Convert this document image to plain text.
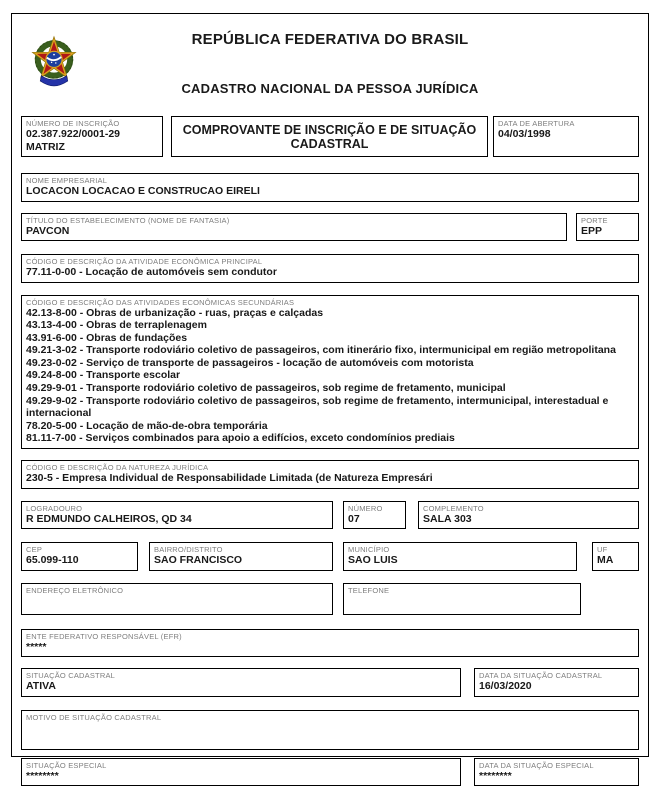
REPÚBLICA FEDERATIVA DO BRASIL
CADASTRO NACIONAL DA PESSOA JURÍDICA
NÚMERO DE INSCRIÇÃO
02.387.922/0001-29
MATRIZ
COMPROVANTE DE INSCRIÇÃO E DE SITUAÇÃO CADASTRAL
DATA DE ABERTURA
04/03/1998
NOME EMPRESARIAL
LOCACON LOCACAO E CONSTRUCAO EIRELI
TÍTULO DO ESTABELECIMENTO (NOME DE FANTASIA)
PAVCON
PORTE
EPP
CÓDIGO E DESCRIÇÃO DA ATIVIDADE ECONÔMICA PRINCIPAL
77.11-0-00 - Locação de automóveis sem condutor
CÓDIGO E DESCRIÇÃO DAS ATIVIDADES ECONÔMICAS SECUNDÁRIAS
42.13-8-00 - Obras de urbanização - ruas, praças e calçadas
43.13-4-00 - Obras de terraplenagem
43.91-6-00 - Obras de fundações
49.21-3-02 - Transporte rodoviário coletivo de passageiros, com itinerário fixo, intermunicipal em região metropolitana
49.23-0-02 - Serviço de transporte de passageiros - locação de automóveis com motorista
49.24-8-00 - Transporte escolar
49.29-9-01 - Transporte rodoviário coletivo de passageiros, sob regime de fretamento, municipal
49.29-9-02 - Transporte rodoviário coletivo de passageiros, sob regime de fretamento, intermunicipal, interestadual e internacional
78.20-5-00 - Locação de mão-de-obra temporária
81.11-7-00 - Serviços combinados para apoio a edifícios, exceto condomínios prediais
CÓDIGO E DESCRIÇÃO DA NATUREZA JURÍDICA
230-5 - Empresa Individual de Responsabilidade Limitada (de Natureza Empresári
LOGRADOURO
R EDMUNDO CALHEIROS, QD 34
NÚMERO
07
COMPLEMENTO
SALA 303
CEP
65.099-110
BAIRRO/DISTRITO
SAO FRANCISCO
MUNICÍPIO
SAO LUIS
UF
MA
ENDEREÇO ELETRÔNICO	TELEFONE
ENTE FEDERATIVO RESPONSÁVEL (EFR)
*****
SITUAÇÃO CADASTRAL
ATIVA
DATA DA SITUAÇÃO CADASTRAL
16/03/2020
MOTIVO DE SITUAÇÃO CADASTRAL
SITUAÇÃO ESPECIAL
********
DATA DA SITUAÇÃO ESPECIAL
********
